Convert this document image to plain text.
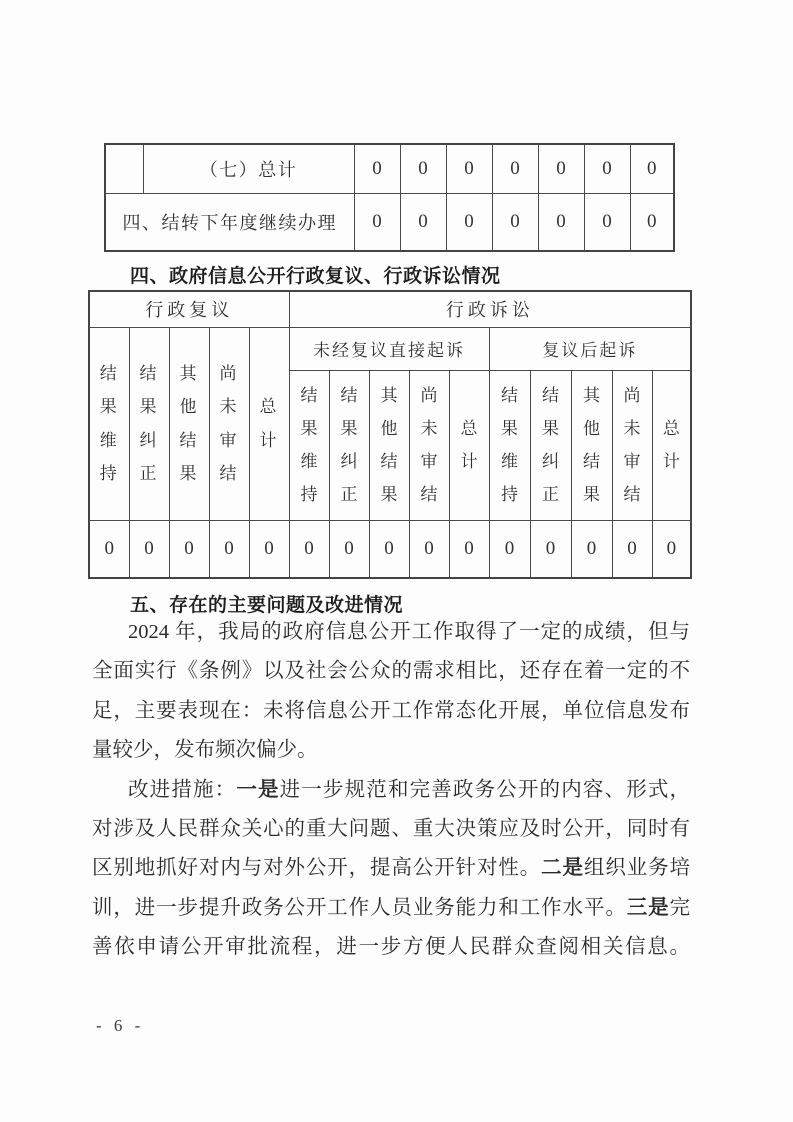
	（七）总计	0	0	0	0	0	0	0
四、结转下年度继续办理		0	0	0	0	0	0	0
四、政府信息公开行政复议、行政诉讼情况
行政复议					行政诉讼									
结果维持	结果纠正	其他结果	尚未审结	总计	未经复议直接起诉					复议后起诉				
					结果维持	结果纠正	其他结果	尚未审结	总计	结果维持	结果纠正	其他结果	尚未审结	总计
0	0	0	0	0	0	0	0	0	0	0	0	0	0	0
五、存在的主要问题及改进情况
2024 年，我局的政府信息公开工作取得了一定的成绩，但与
全面实行《条例》以及社会公众的需求相比，还存在着一定的不
足，主要表现在：未将信息公开工作常态化开展，单位信息发布
量较少，发布频次偏少。
改进措施：一是进一步规范和完善政务公开的内容、形式，
对涉及人民群众关心的重大问题、重大决策应及时公开，同时有
区别地抓好对内与对外公开，提高公开针对性。二是组织业务培
训，进一步提升政务公开工作人员业务能力和工作水平。三是完
善依申请公开审批流程，进一步方便人民群众查阅相关信息。
- 6 -
